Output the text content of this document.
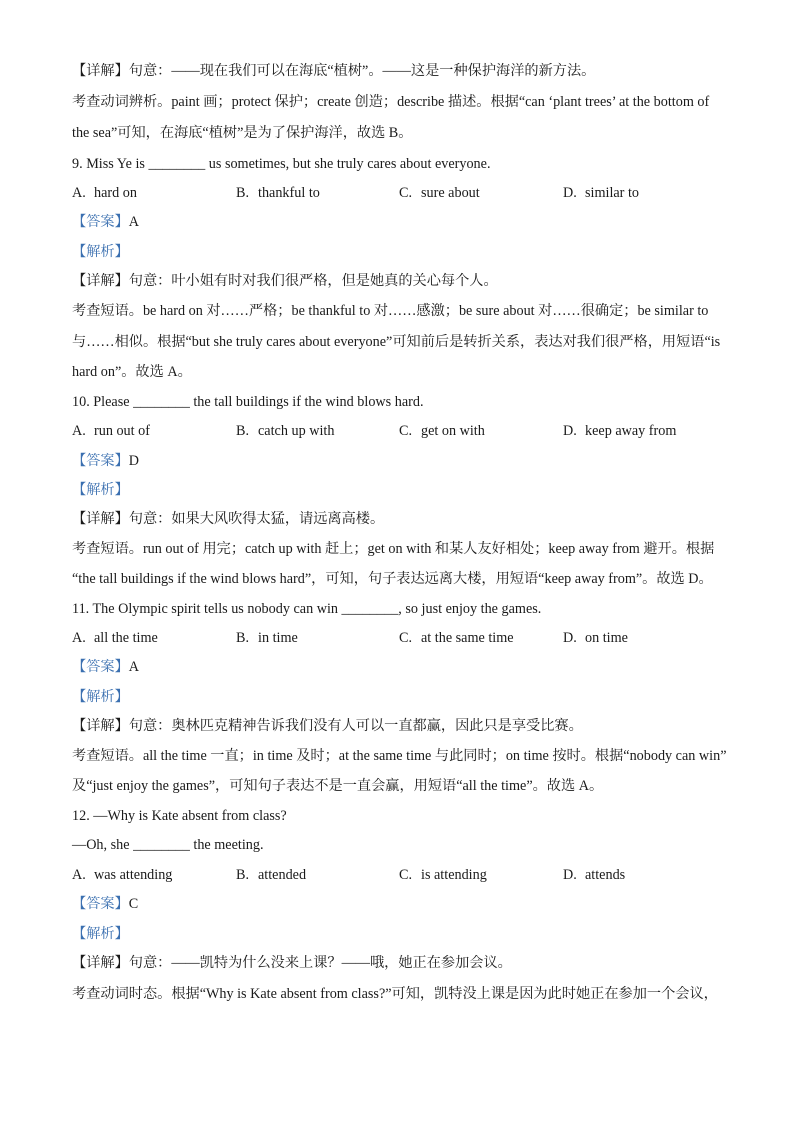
【详解】句意：——现在我们可以在海底“植树”。——这是一种保护海洋的新方法。
考查动词辨析。paint 画；protect 保护；create 创造；describe 描述。根据“can ‘plant trees’ at the bottom of
the sea”可知，在海底“植树”是为了保护海洋，故选 B。
9. Miss Ye is ________ us sometimes, but she truly cares about everyone.
A. hard on	B. thankful to	C. sure about	D. similar to
【答案】A
【解析】
【详解】句意：叶小姐有时对我们很严格，但是她真的关心每个人。
考查短语。be hard on 对……严格；be thankful to 对……感激；be sure about 对……很确定；be similar to
与……相似。根据“but she truly cares about everyone”可知前后是转折关系，表达对我们很严格，用短语“is
hard on”。故选 A。
10. Please ________ the tall buildings if the wind blows hard.
A. run out of	B. catch up with	C. get on with	D. keep away from
【答案】D
【解析】
【详解】句意：如果大风吹得太猛，请远离高楼。
考查短语。run out of 用完；catch up with 赶上；get on with 和某人友好相处；keep away from 避开。根据
“the tall buildings if the wind blows hard”，可知，句子表达远离大楼，用短语“keep away from”。故选 D。
11. The Olympic spirit tells us nobody can win ________, so just enjoy the games.
A. all the time	B. in time	C. at the same time	D. on time
【答案】A
【解析】
【详解】句意：奥林匹克精神告诉我们没有人可以一直都赢，因此只是享受比赛。
考查短语。all the time 一直；in time 及时；at the same time 与此同时；on time 按时。根据“nobody can win”
及“just enjoy the games”，可知句子表达不是一直会赢，用短语“all the time”。故选 A。
12. —Why is Kate absent from class?
—Oh, she ________ the meeting.
A. was attending	B. attended	C. is attending	D. attends
【答案】C
【解析】
【详解】句意：——凯特为什么没来上课？——哦，她正在参加会议。
考查动词时态。根据“Why is Kate absent from class?”可知，凯特没上课是因为此时她正在参加一个会议，
